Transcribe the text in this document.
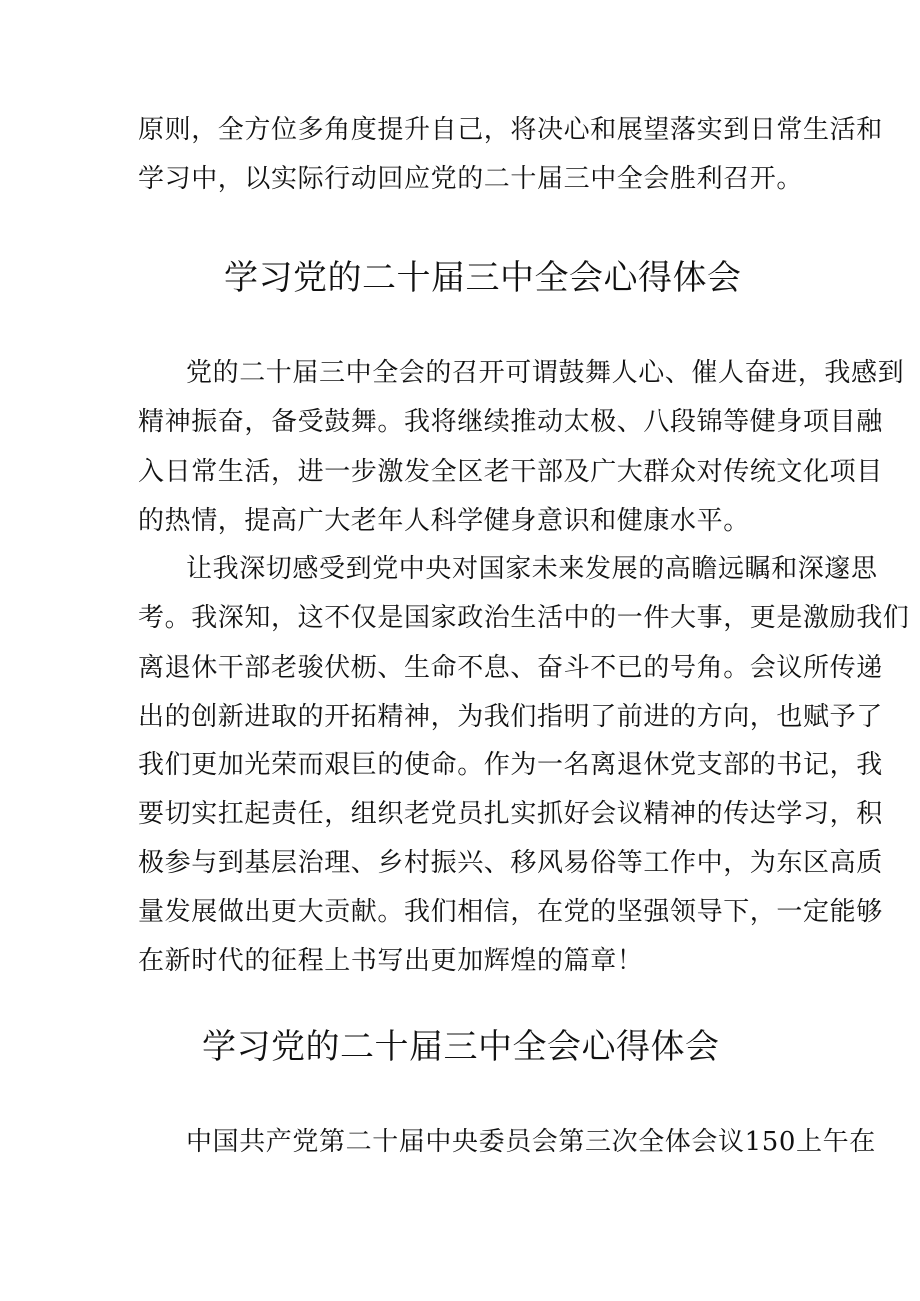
原则，全方位多角度提升自己，将决心和展望落实到日常生活和
学习中，以实际行动回应党的二十届三中全会胜利召开。
学习党的二十届三中全会心得体会
党的二十届三中全会的召开可谓鼓舞人心、催人奋进，我感到
精神振奋，备受鼓舞。我将继续推动太极、八段锦等健身项目融
入日常生活，进一步激发全区老干部及广大群众对传统文化项目
的热情，提高广大老年人科学健身意识和健康水平。
让我深切感受到党中央对国家未来发展的高瞻远瞩和深邃思
考。我深知，这不仅是国家政治生活中的一件大事，更是激励我们
离退休干部老骏伏枥、生命不息、奋斗不已的号角。会议所传递
出的创新进取的开拓精神，为我们指明了前进的方向，也赋予了
我们更加光荣而艰巨的使命。作为一名离退休党支部的书记，我
要切实扛起责任，组织老党员扎实抓好会议精神的传达学习，积
极参与到基层治理、乡村振兴、移风易俗等工作中，为东区高质
量发展做出更大贡献。我们相信，在党的坚强领导下，一定能够
在新时代的征程上书写出更加辉煌的篇章！
学习党的二十届三中全会心得体会
中国共产党第二十届中央委员会第三次全体会议150上午在
